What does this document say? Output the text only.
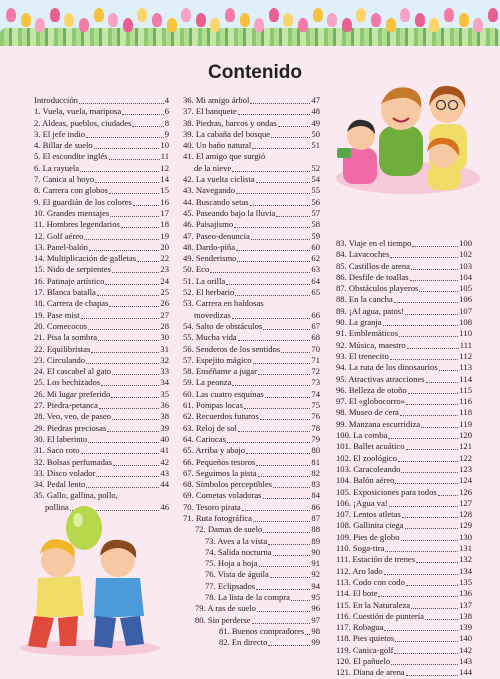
Contenido
Introducción	4
1. Vuela, vuela, mariposa	6
2. Aldeas, pueblos, ciudades	8
3. El jefe indio	9
4. Billar de suelo	10
5. El escondite inglés	11
6. La rayuela	12
7. Canica al hoyo	14
8. Carrera con globos	15
9. El guardián de los colores	16
10. Grandes mensajes	17
11. Hombres legendarios	18
12. Golf aéreo	19
13. Panel-balón	20
14. Multiplicación de galletas	22
15. Nido de serpientes	23
16. Patinaje artístico	24
17. Blanca batalla	25
18. Carrera de chapas	26
19. Pase mist	27
20. Comecocos	28
21. Pisa la sombra	30
22. Equilibristas	31
23. Circulando	32
24. El cascabel al gato	33
25. Los hechizados	34
26. Mi lugar preferido	35
27. Piedra-petanca	36
28. Veo, veo, de paseo	38
29. Piedras preciosas	39
30. El laberinto	40
31. Saco roto	41
32. Bolsas perfumadas	42
33. Disco volador	43
34. Pedal lento	44
35. Gallo, gallina, pollo,
pollina	46
36. Mi amigo árbol	47
37. El banquete	48
38. Piedras, barcos y ondas	49
39. La cabaña del bosque	50
40. Un baño natural	51
41. El amigo que surgió
de la nieve	52
42. La vuelta ciclista	54
43. Navegando	55
44. Buscando setas	56
45. Paseando bajo la lluvia	57
46. Paisajismo	58
47. Paseo-denuncia	59
48. Dardo-piña	60
49. Senderismo	62
50. Eco	63
51. La orilla	64
52. El herbario	65
53. Carrera en baldosas
movedizas	66
54. Salto de obstáculos	67
55. Mucha vida	68
56. Senderos de los sentidos	70
57. Espejito mágico	71
58. Enséñame a jugar	72
59. La peonza	73
60. Las cuatro esquinas	74
61. Pompas locas	75
62. Recuerdos futuros	76
63. Reloj de sol	78
64. Cariocas	79
65. Arriba y abajo	80
66. Pequeños tesoros	81
67. Seguimos la pista	82
68. Símbolos perceptibles	83
69. Cometas voladoras	84
70. Tesoro pirata	86
71. Ruta fotográfica	87
72. Damas de suelo	88
73. Aves a la vista	89
74. Salida nocturna	90
75. Hoja a hoja	91
76. Vista de águila	92
77. Eclipsados	94
78. La lista de la compra 95
79. A ras de suelo	96
80. Sin perderse	97
81. Buenos compradores 98
82. En directo	99
83. Viaje en el tiempo	100
84. Lavacoches	102
85. Castillos de arena	103
86. Desfile de toallas	104
87. Obstáculos playeros	105
88. En la cancha	106
89. ¡Al agua, patos!	107
90. La granja	108
91. Emblemáticos	110
92. Música, maestro	111
93. El trenecito	112
94. La ruta de los dinosaurios	113
95. Atractivas atracciones	114
96. Belleza de otoño	115
97. El «globocorro»	116
98. Museo de cera	118
99. Manzana escurridiza	119
100. La comba	120
101. Ballet acuático	121
102. El zoológico	122
103. Caracoleando	123
104. Balón aéreo	124
105. Exposiciones para todos	126
106. ¡Agua va!	127
107. Lentos atletas	128
108. Gallinita ciega	129
109. Pies de globo	130
110. Soga-tira	131
111. Estación de trenes	132
112. Aro lado	134
113. Codo con codo	135
114. El bote	136
115. En la Naturaleza	137
116. Cuestión de puntería	138
117. Robagua	139
118. Pies quietos	140
119. Canica-golf	142
120. El pañuelo	143
121. Diana de arena	144
